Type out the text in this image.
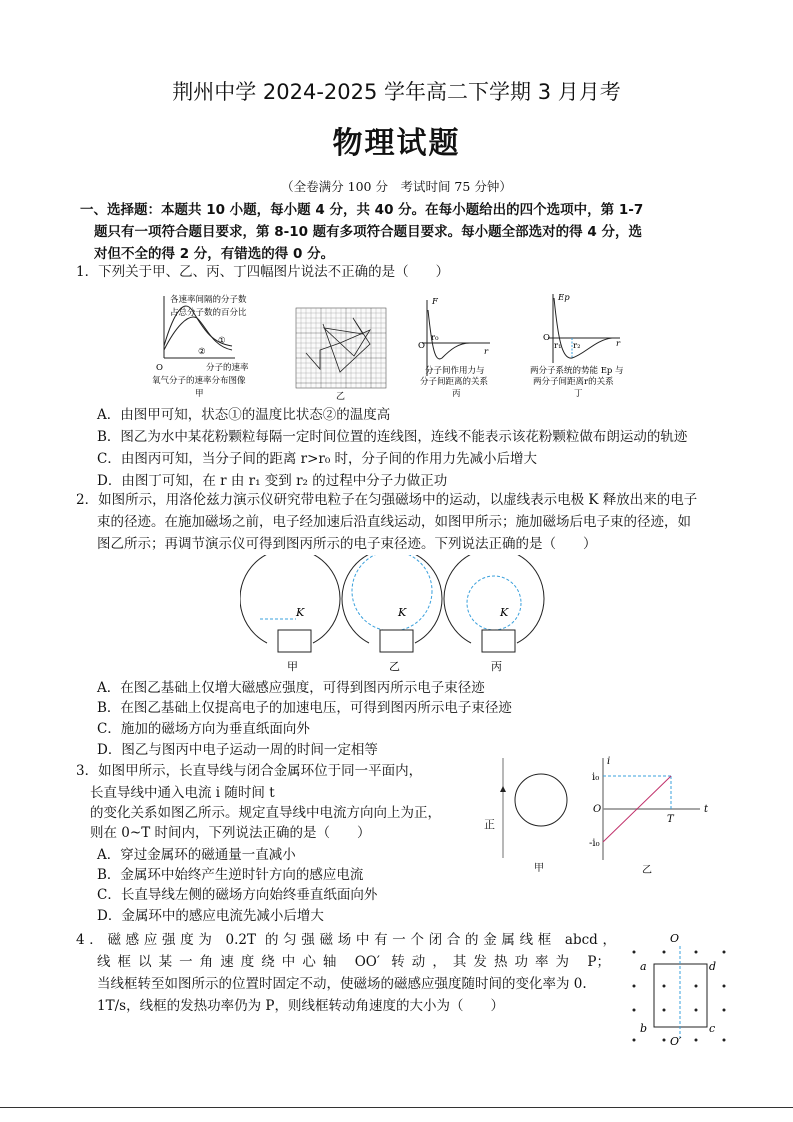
荆州中学 2024-2025 学年高二下学期 3 月月考
物理试题
（全卷满分 100 分　考试时间 75 分钟）
一、选择题：本题共 10 小题，每小题 4 分，共 40 分。在每小题给出的四个选项中，第 1-7
题只有一项符合题目要求，第 8-10 题有多项符合题目要求。每小题全部选对的得 4 分，选
对但不全的得 2 分，有错选的得 0 分。
1．下列关于甲、乙、丙、丁四幅图片说法不正确的是（　　）
各速率间隔的分子数
占总分子数的百分比
①
②
O	分子的速率
氧气分子的速率分布图像
甲	乙
F
O
r₀
r
分子间作用力与
分子间距离的关系
丙
Ep
O
r₁ r₂	r
两分子系统的势能 Ep 与
两分子间距离r的关系
丁
A．由图甲可知，状态①的温度比状态②的温度高
B．图乙为水中某花粉颗粒每隔一定时间位置的连线图，连线不能表示该花粉颗粒做布朗运动的轨迹
C．由图丙可知，当分子间的距离 r>r₀ 时，分子间的作用力先减小后增大
D．由图丁可知，在 r 由 r₁ 变到 r₂ 的过程中分子力做正功
2．如图所示，用洛伦兹力演示仪研究带电粒子在匀强磁场中的运动，以虚线表示电极 K 释放出来的电子
束的径迹。在施加磁场之前，电子经加速后沿直线运动，如图甲所示；施加磁场后电子束的径迹，如
图乙所示；再调节演示仪可得到图丙所示的电子束径迹。下列说法正确的是（　　）
K
甲
K
乙
K
丙
A．在图乙基础上仅增大磁感应强度，可得到图丙所示电子束径迹
B．在图乙基础上仅提高电子的加速电压，可得到图丙所示电子束径迹
C．施加的磁场方向为垂直纸面向外
D．图乙与图丙中电子运动一周的时间一定相等
3．如图甲所示，长直导线与闭合金属环位于同一平面内，
长直导线中通入电流 i 随时间 t
的变化关系如图乙所示。规定直导线中电流方向向上为正，
则在 0~T 时间内，下列说法正确的是（　　）
A．穿过金属环的磁通量一直减小
B．金属环中始终产生逆时针方向的感应电流
C．长直导线左侧的磁场方向始终垂直纸面向外
D．金属环中的感应电流先减小后增大
甲
i
i₀
O
-i₀
T
t
乙
正
4．磁感应强度为 0.2T 的匀强磁场中有一个闭合的金属线框 abcd，
线框以某一角速度绕中心轴 OO′ 转动，其发热功率为 P；
当线框转至如图所示的位置时固定不动，使磁场的磁感应强度随时间的变化率为 0.
1T/s，线框的发热功率仍为 P，则线框转动角速度的大小为（　　）
O
O′
a	d
b	c
